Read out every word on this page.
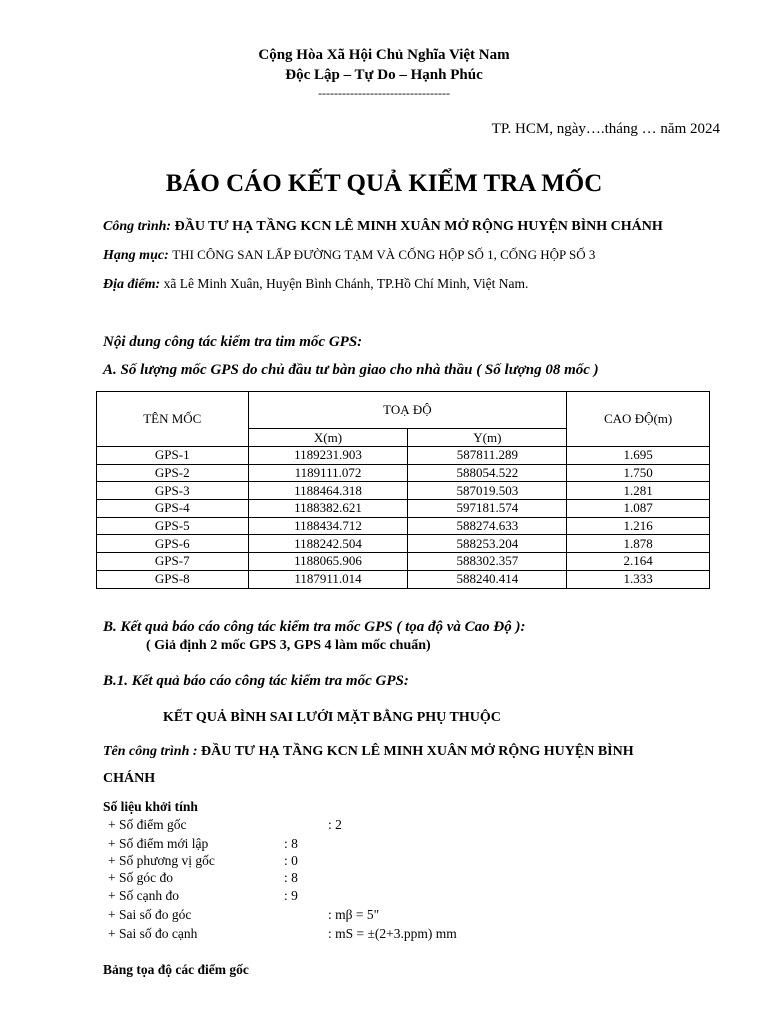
Cộng Hòa Xã Hội Chủ Nghĩa Việt Nam
Độc Lập – Tự Do – Hạnh Phúc
---------------------------------
TP. HCM, ngày….tháng … năm 2024
BÁO CÁO KẾT QUẢ KIỂM TRA MỐC
Công trình: ĐẦU TƯ HẠ TẦNG KCN LÊ MINH XUÂN MỞ RỘNG HUYỆN BÌNH CHÁNH
Hạng mục: THI CÔNG SAN LẤP ĐƯỜNG TẠM VÀ CỐNG HỘP SỐ 1, CỐNG HỘP SỐ 3
Địa điểm: xã Lê Minh Xuân, Huyện Bình Chánh, TP.Hồ Chí Minh, Việt Nam.
Nội dung công tác kiểm tra tim mốc GPS:
A. Số lượng mốc GPS do chủ đầu tư bàn giao cho nhà thầu ( Số lượng 08 mốc )
TÊN MỐC	TOẠ ĐỘ		CAO ĐỘ(m)
	X(m)	Y(m)	
GPS-1	1189231.903	587811.289	1.695
GPS-2	1189111.072	588054.522	1.750
GPS-3	1188464.318	587019.503	1.281
GPS-4	1188382.621	597181.574	1.087
GPS-5	1188434.712	588274.633	1.216
GPS-6	1188242.504	588253.204	1.878
GPS-7	1188065.906	588302.357	2.164
GPS-8	1187911.014	588240.414	1.333
B. Kết quả báo cáo công tác kiểm tra mốc GPS ( tọa độ và Cao Độ ):
( Giả định 2 mốc GPS 3, GPS 4 làm mốc chuẩn)
B.1. Kết quả báo cáo công tác kiểm tra mốc GPS:
KẾT QUẢ BÌNH SAI LƯỚI MẶT BẰNG PHỤ THUỘC
Tên công trình : ĐẦU TƯ HẠ TẦNG KCN LÊ MINH XUÂN MỞ RỘNG HUYỆN BÌNH
CHÁNH
Số liệu khởi tính
+ Số điểm gốc	: 2
+ Số điểm mới lập	: 8
+ Số phương vị gốc	: 0
+ Số góc đo	: 8
+ Số cạnh đo	: 9
+ Sai số đo góc	: mβ = 5"
+ Sai số đo cạnh	: mS = ±(2+3.ppm) mm
Bảng tọa độ các điểm gốc
